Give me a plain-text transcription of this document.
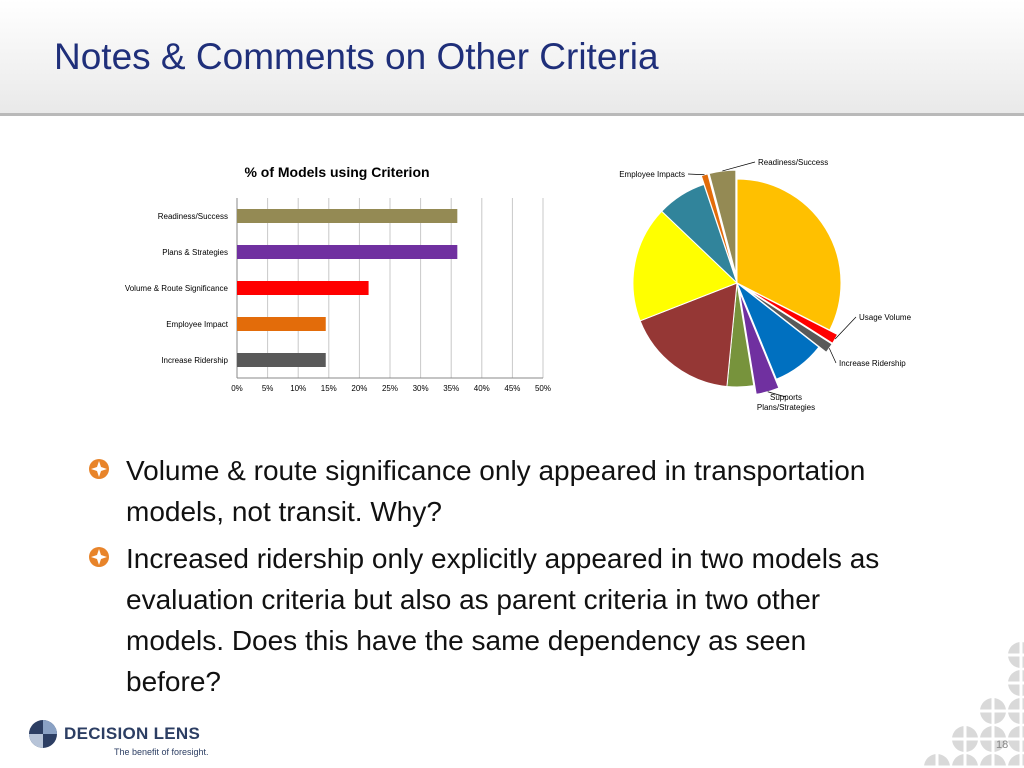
Notes & Comments on Other Criteria
% of Models using Criterion
0% 5% 10% 15% 20% 25% 30% 35% 40% 45% 50%
Readiness/Success
Plans & Strategies
Volume & Route Significance
Employee Impact
Increase Ridership
Readiness/Success
Employee Impacts
Usage Volume
Increase Ridership
Supports
Plans/Strategies
Volume & route significance only appeared in transportation models, not transit. Why?
Increased ridership only explicitly appeared in two models as evaluation criteria but also as parent criteria in two other models. Does this have the same dependency as seen before?
DECISION LENS
The benefit of foresight.
18
